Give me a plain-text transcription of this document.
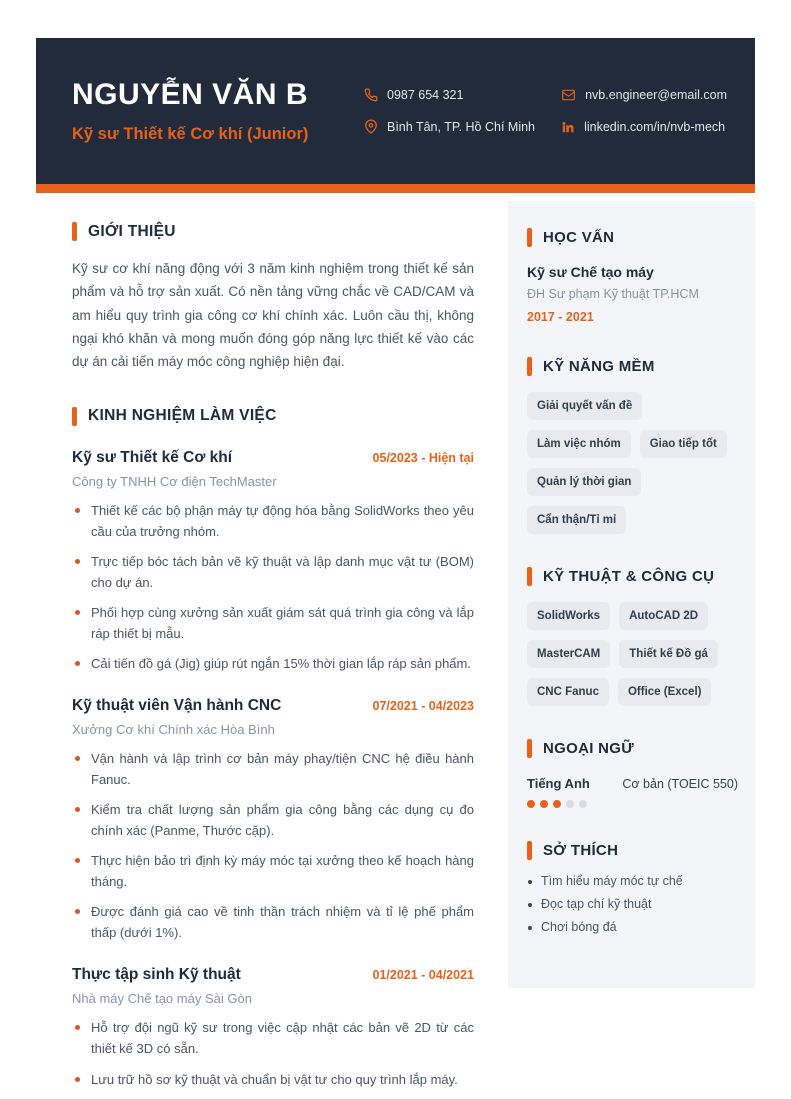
NGUYỄN VĂN B
Kỹ sư Thiết kế Cơ khí (Junior)
0987 654 321	nvb.engineer@email.com
Bình Tân, TP. Hồ Chí Minh	linkedin.com/in/nvb-mech
GIỚI THIỆU

Kỹ sư cơ khí năng động với 3 năm kinh nghiệm trong thiết kế sản phẩm và hỗ trợ sản xuất. Có nền tảng vững chắc về CAD/CAM và am hiểu quy trình gia công cơ khí chính xác. Luôn cầu thị, không ngại khó khăn và mong muốn đóng góp năng lực thiết kế vào các dự án cải tiến máy móc công nghiệp hiện đại.

KINH NGHIỆM LÀM VIỆC
Kỹ sư Thiết kế Cơ khí	05/2023 - Hiện tại
Công ty TNHH Cơ điện TechMaster
Thiết kế các bộ phận máy tự động hóa bằng SolidWorks theo yêu cầu của trưởng nhóm.
Trực tiếp bóc tách bản vẽ kỹ thuật và lập danh mục vật tư (BOM) cho dự án.
Phối hợp cùng xưởng sản xuất giám sát quá trình gia công và lắp ráp thiết bị mẫu.
Cải tiến đồ gá (Jig) giúp rút ngắn 15% thời gian lắp ráp sản phẩm.
Kỹ thuật viên Vận hành CNC	07/2021 - 04/2023
Xưởng Cơ khí Chính xác Hòa Bình
Vận hành và lập trình cơ bản máy phay/tiện CNC hệ điều hành Fanuc.
Kiểm tra chất lượng sản phẩm gia công bằng các dụng cụ đo chính xác (Panme, Thước cặp).
Thực hiện bảo trì định kỳ máy móc tại xưởng theo kế hoạch hàng tháng.
Được đánh giá cao về tinh thần trách nhiệm và tỉ lệ phế phẩm thấp (dưới 1%).
Thực tập sinh Kỹ thuật	01/2021 - 04/2021
Nhà máy Chế tạo máy Sài Gòn
Hỗ trợ đội ngũ kỹ sư trong việc cập nhật các bản vẽ 2D từ các thiết kế 3D có sẵn.
Lưu trữ hồ sơ kỹ thuật và chuẩn bị vật tư cho quy trình lắp máy.
HỌC VẤN
Kỹ sư Chế tạo máy
ĐH Sư phạm Kỹ thuật TP.HCM
2017 - 2021
KỸ NĂNG MỀM
Giải quyết vấn đề
Làm việc nhóm	Giao tiếp tốt
Quản lý thời gian
Cẩn thận/Tỉ mỉ
KỸ THUẬT & CÔNG CỤ
SolidWorks	AutoCAD 2D
MasterCAM	Thiết kế Đồ gá
CNC Fanuc	Office (Excel)
NGOẠI NGỮ
Tiếng Anh	Cơ bản (TOEIC 550)
SỞ THÍCH
Tìm hiểu máy móc tự chế
Đọc tạp chí kỹ thuật
Chơi bóng đá
